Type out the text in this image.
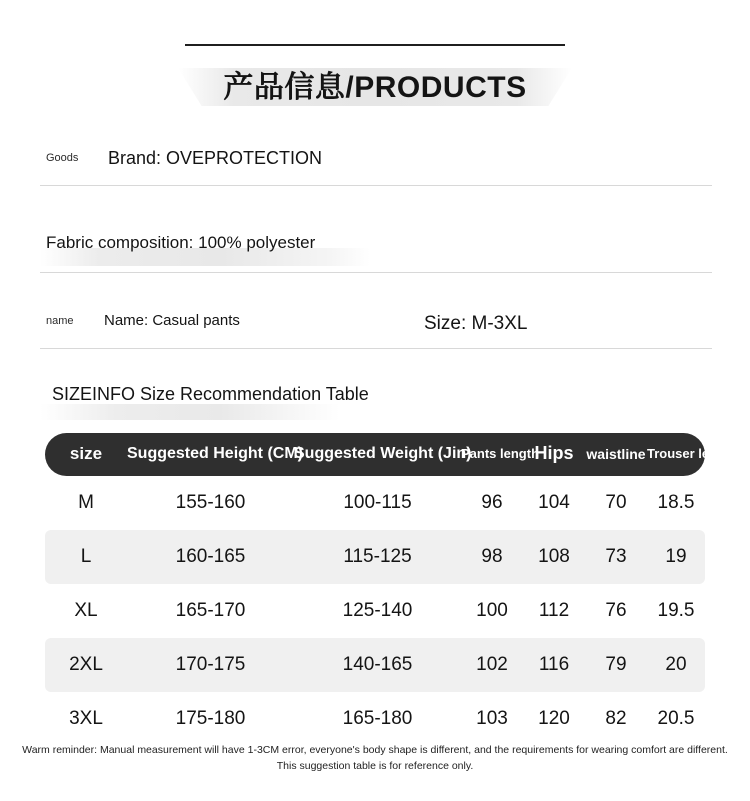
产品信息/PRODUCTS
Goods Brand: OVEPROTECTION
Fabric composition: 100% polyester
name Name: Casual pants	Size: M-3XL
SIZEINFO Size Recommendation Table
size	Suggested Height (CM)	Suggested Weight (Jin)	Pants length	Hips	waistline	Trouser legs
M	155-160	100-115	96	104	70	18.5
L	160-165	115-125	98	108	73	19
XL	165-170	125-140	100	112	76	19.5
2XL	170-175	140-165	102	116	79	20
3XL	175-180	165-180	103	120	82	20.5
Warm reminder: Manual measurement will have 1-3CM error, everyone's body shape is different, and the requirements for wearing comfort are different. This suggestion table is for reference only.
